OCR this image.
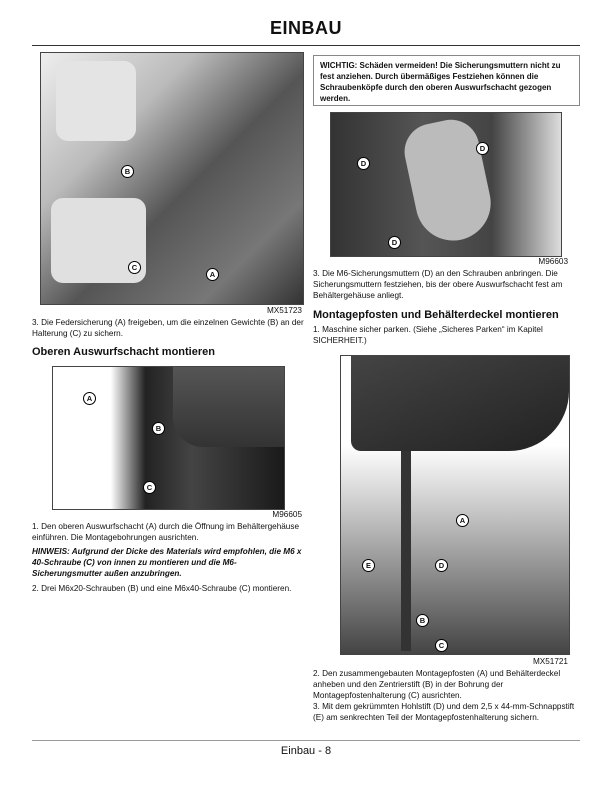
EINBAU
B
C
A
MX51723
3. Die Federsicherung (A) freigeben, um die einzelnen Gewichte (B) an der Halterung (C) zu sichern.
Oberen Auswurfschacht montieren
A
B
C
M96605
1. Den oberen Auswurfschacht (A) durch die Öffnung im Behältergehäuse einführen. Die Montagebohrungen ausrichten.
HINWEIS: Aufgrund der Dicke des Materials wird empfohlen, die M6 x 40-Schraube (C) von innen zu montieren und die M6-Sicherungsmutter außen anzubringen.
2. Drei M6x20-Schrauben (B) und eine M6x40-Schraube (C) montieren.
WICHTIG: Schäden vermeiden! Die Sicherungsmuttern nicht zu fest anziehen. Durch übermäßiges Festziehen können die Schraubenköpfe durch den oberen Auswurfschacht gezogen werden.
D
D
D
M96603
3. Die M6-Sicherungsmuttern (D) an den Schrauben anbringen. Die Sicherungsmuttern festziehen, bis der obere Auswurfschacht fest am Behältergehäuse anliegt.
Montagepfosten und Behälterdeckel montieren
1. Maschine sicher parken. (Siehe „Sicheres Parken“ im Kapitel SICHERHEIT.)
A
E	D
B
C
MX51721
2. Den zusammengebauten Montagepfosten (A) und Behälterdeckel anheben und den Zentrierstift (B) in der Bohrung der Montagepfostenhalterung (C) ausrichten.
3. Mit dem gekrümmten Hohlstift (D) und dem 2,5 x 44-mm-Schnappstift (E) am senkrechten Teil der Montagepfostenhalterung sichern.
Einbau - 8
